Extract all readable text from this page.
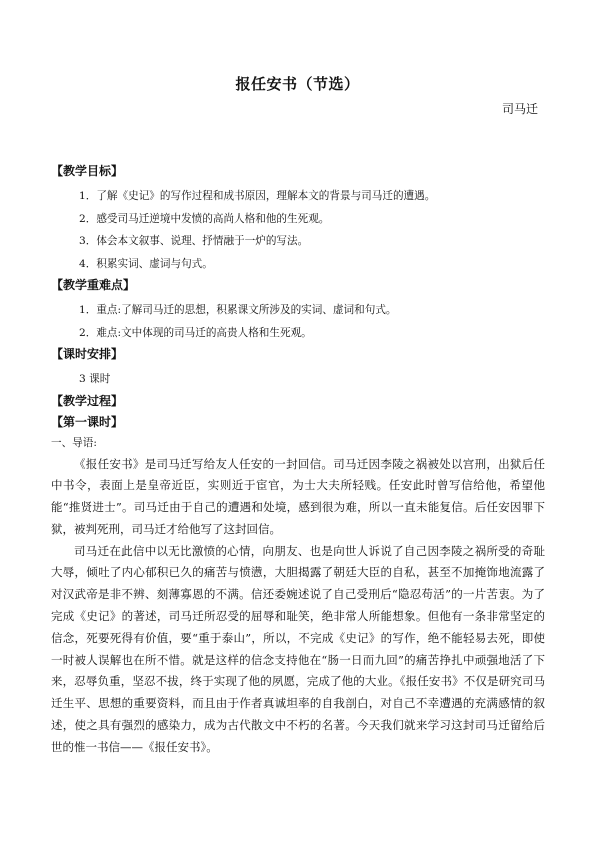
报任安书（节选）
司马迁
【教学目标】
1．了解《史记》的写作过程和成书原因，理解本文的背景与司马迁的遭遇。
2．感受司马迁逆境中发愤的高尚人格和他的生死观。
3．体会本文叙事、说理、抒情融于一炉的写法。
4．积累实词、虚词与句式。
【教学重难点】
1．重点:了解司马迁的思想，积累课文所涉及的实词、虚词和句式。
2．难点:文中体现的司马迁的高贵人格和生死观。
【课时安排】
3 课时
【教学过程】
【第一课时】
一、导语:

《报任安书》是司马迁写给友人任安的一封回信。司马迁因李陵之祸被处以宫刑，出狱后任中书令，表面上是皇帝近臣，实则近于宦官，为士大夫所轻贱。任安此时曾写信给他，希望他能“推贤进士”。司马迁由于自己的遭遇和处境，感到很为难，所以一直未能复信。后任安因罪下狱，被判死刑，司马迁才给他写了这封回信。

司马迁在此信中以无比激愤的心情，向朋友、也是向世人诉说了自己因李陵之祸所受的奇耻大辱，倾吐了内心郁积已久的痛苦与愤懑，大胆揭露了朝廷大臣的自私，甚至不加掩饰地流露了对汉武帝是非不辨、刻薄寡恩的不满。信还委婉述说了自己受刑后“隐忍苟活”的一片苦衷。为了完成《史记》的著述，司马迁所忍受的屈辱和耻笑，绝非常人所能想象。但他有一条非常坚定的信念，死要死得有价值，要“重于泰山”，所以，不完成《史记》的写作，绝不能轻易去死，即使一时被人误解也在所不惜。就是这样的信念支持他在“肠一日而九回”的痛苦挣扎中顽强地活了下来，忍辱负重，坚忍不拔，终于实现了他的夙愿，完成了他的大业。《报任安书》不仅是研究司马迁生平、思想的重要资料，而且由于作者真诚坦率的自我剖白，对自己不幸遭遇的充满感情的叙述，使之具有强烈的感染力，成为古代散文中不朽的名著。今天我们就来学习这封司马迁留给后世的惟一书信——《报任安书》。
